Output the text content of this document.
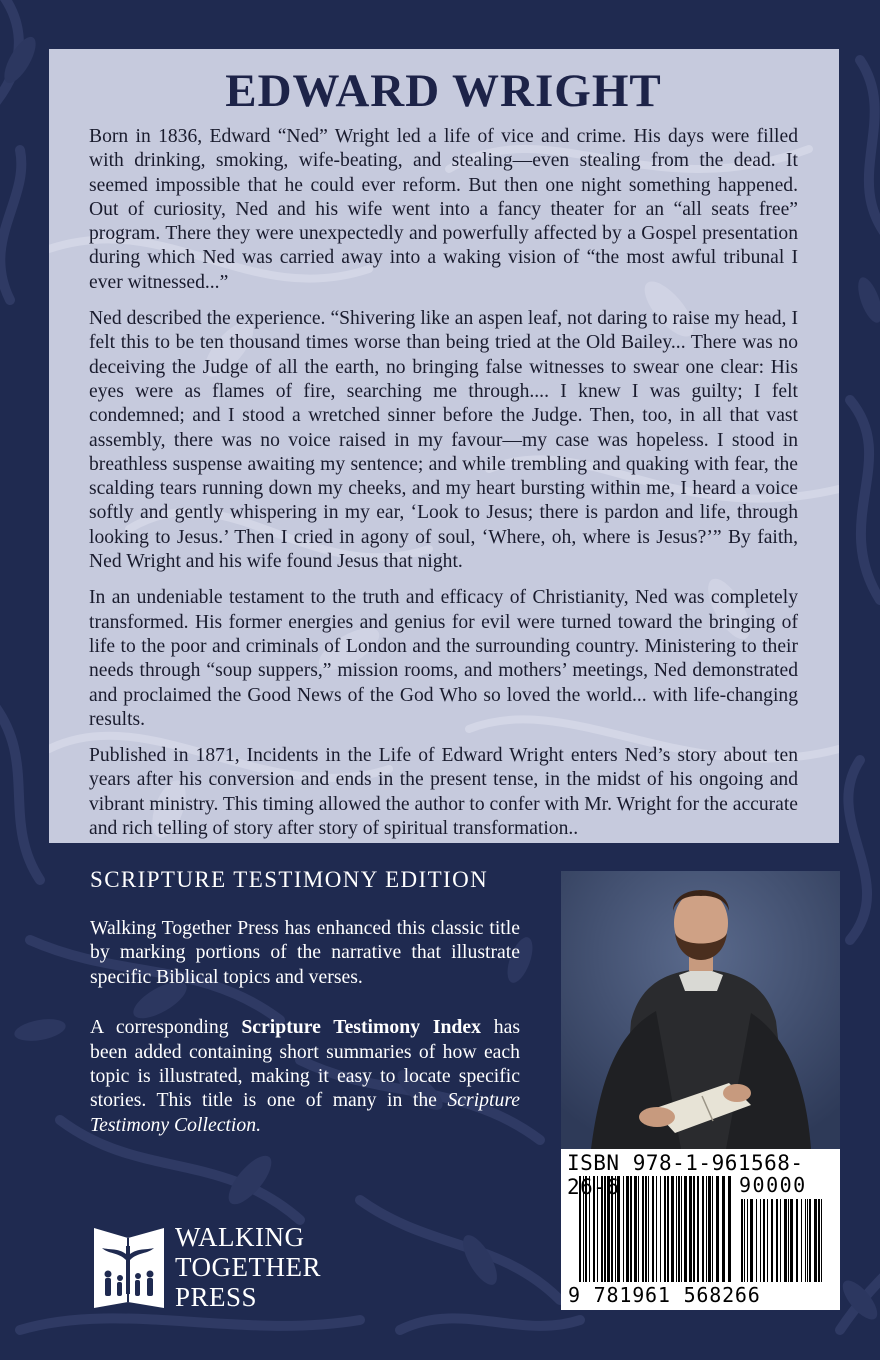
EDWARD WRIGHT

Born in 1836, Edward “Ned” Wright led a life of vice and crime. His days were filled with drinking, smoking, wife-beating, and stealing—even stealing from the dead. It seemed impossible that he could ever reform. But then one night something happened. Out of curiosity, Ned and his wife went into a fancy theater for an “all seats free” program. There they were unexpectedly and powerfully affected by a Gospel presentation during which Ned was carried away into a waking vision of “the most awful tribunal I ever witnessed...”

Ned described the experience. “Shivering like an aspen leaf, not daring to raise my head, I felt this to be ten thousand times worse than being tried at the Old Bailey... There was no deceiving the Judge of all the earth, no bringing false witnesses to swear one clear: His eyes were as flames of fire, searching me through.... I knew I was guilty; I felt condemned; and I stood a wretched sinner before the Judge. Then, too, in all that vast assembly, there was no voice raised in my favour—my case was hopeless. I stood in breathless suspense awaiting my sentence; and while trembling and quaking with fear, the scalding tears running down my cheeks, and my heart bursting within me, I heard a voice softly and gently whispering in my ear, ‘Look to Jesus; there is pardon and life, through looking to Jesus.’ Then I cried in agony of soul, ‘Where, oh, where is Jesus?’” By faith, Ned Wright and his wife found Jesus that night.

In an undeniable testament to the truth and efficacy of Christianity, Ned was completely transformed. His former energies and genius for evil were turned toward the bringing of life to the poor and criminals of London and the surrounding country. Ministering to their needs through “soup suppers,” mission rooms, and mothers’ meetings, Ned demonstrated and proclaimed the Good News of the God Who so loved the world... with life-changing results.

Published in 1871, Incidents in the Life of Edward Wright enters Ned’s story about ten years after his conversion and ends in the present tense, in the midst of his ongoing and vibrant ministry. This timing allowed the author to confer with Mr. Wright for the accurate and rich telling of story after story of spiritual transformation..

SCRIPTURE TESTIMONY EDITION

Walking Together Press has enhanced this classic title by marking portions of the narrative that illustrate specific Biblical topics and verses.

A corresponding Scripture Testimony Index has been added containing short summaries of how each topic is illustrated, making it easy to locate specific stories. This title is one of many in the Scripture Testimony Collection.

ISBN 978-1-961568-26-6	90000
9 781961 568266
WALKING
TOGETHER
PRESS
